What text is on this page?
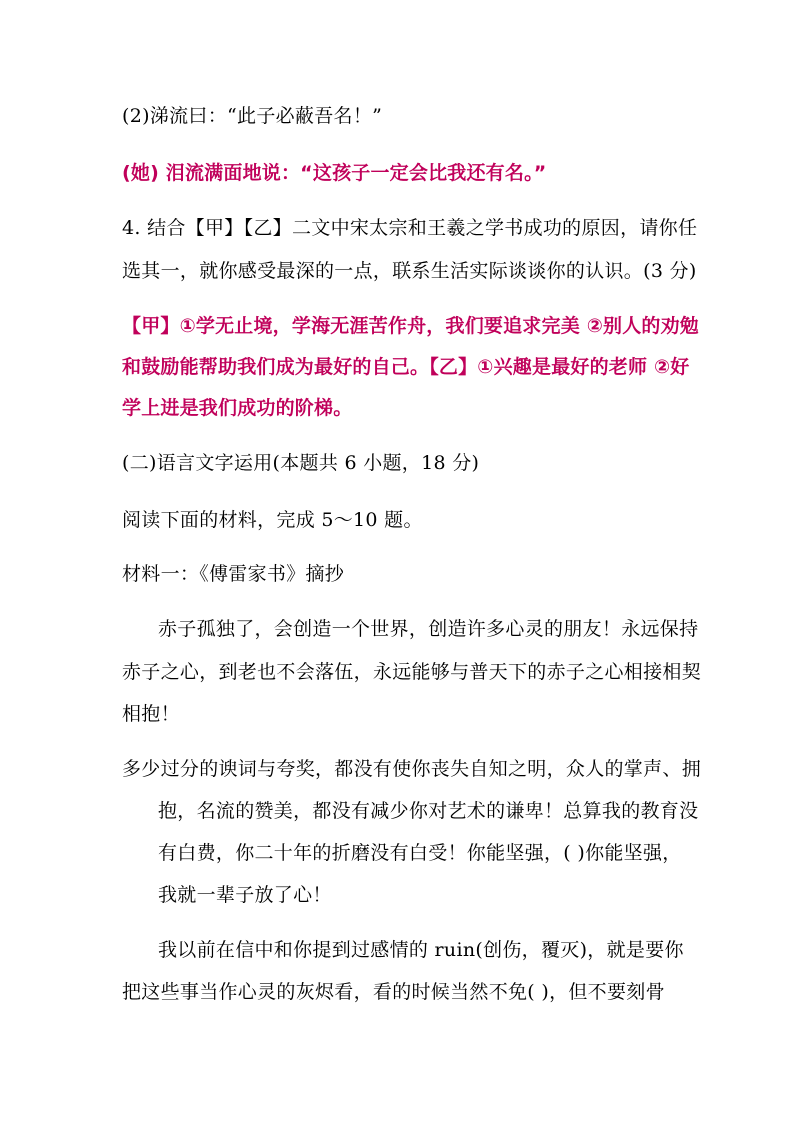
(2)涕流曰：“此子必蔽吾名！”
(她) 泪流满面地说：“这孩子一定会比我还有名。”
4. 结合【甲】【乙】二文中宋太宗和王羲之学书成功的原因，请你任
选其一，就你感受最深的一点，联系生活实际谈谈你的认识。(3 分)
【甲】①学无止境，学海无涯苦作舟，我们要追求完美 ②别人的劝勉
和鼓励能帮助我们成为最好的自己。【乙】①兴趣是最好的老师 ②好
学上进是我们成功的阶梯。
(二)语言文字运用(本题共 6 小题，18 分)
阅读下面的材料，完成 5～10 题。
材料一：《傅雷家书》摘抄
赤子孤独了，会创造一个世界，创造许多心灵的朋友！永远保持
赤子之心，到老也不会落伍，永远能够与普天下的赤子之心相接相契
相抱！
多少过分的谀词与夸奖，都没有使你丧失自知之明，众人的掌声、拥
抱，名流的赞美，都没有减少你对艺术的谦卑！总算我的教育没
有白费，你二十年的折磨没有白受！你能坚强，( )你能坚强，
我就一辈子放了心！
我以前在信中和你提到过感情的 ruin(创伤，覆灭)，就是要你
把这些事当作心灵的灰烬看，看的时候当然不免( )，但不要刻骨
